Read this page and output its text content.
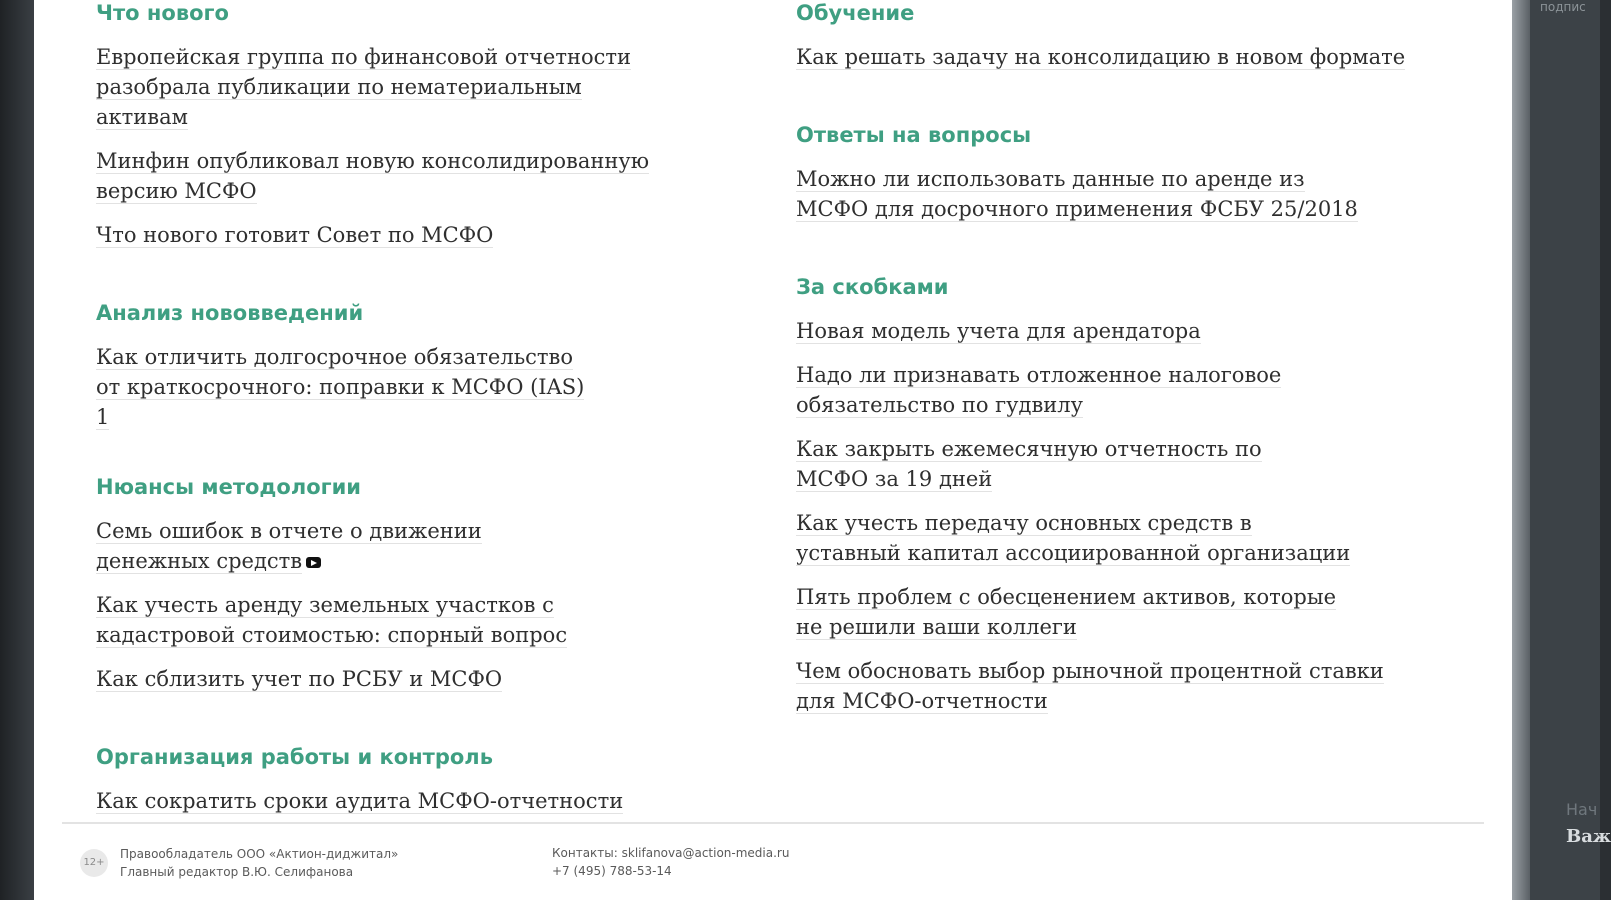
Что нового
Европейская группа по финансовой отчетности разобрала публикации по нематериальным активам
Минфин опубликовал новую консолидированную версию МСФО
Что нового готовит Совет по МСФО
Анализ нововведений
Как отличить долгосрочное обязательство от краткосрочного: поправки к МСФО (IAS) 1
Нюансы методологии
Семь ошибок в отчете о движении денежных средств
Как учесть аренду земельных участков с кадастровой стоимостью: спорный вопрос
Как сблизить учет по РСБУ и МСФО
Организация работы и контроль
Как сократить сроки аудита МСФО-отчетности
Обучение
Как решать задачу на консолидацию в новом формате
Ответы на вопросы
Можно ли использовать данные по аренде из МСФО для досрочного применения ФСБУ 25/2018
За скобками
Новая модель учета для арендатора
Надо ли признавать отложенное налоговое обязательство по гудвилу
Как закрыть ежемесячную отчетность по МСФО за 19 дней
Как учесть передачу основных средств в уставный капитал ассоциированной организации
Пять проблем с обесценением активов, которые не решили ваши коллеги
Чем обосновать выбор рыночной процентной ставки для МСФО-отчетности
12+
Правообладатель ООО «Актион-диджитал»
Главный редактор В.Ю. Селифанова
Контакты: sklifanova@action-media.ru
+7 (495) 788-53-14
подпис
Нач
Важ
